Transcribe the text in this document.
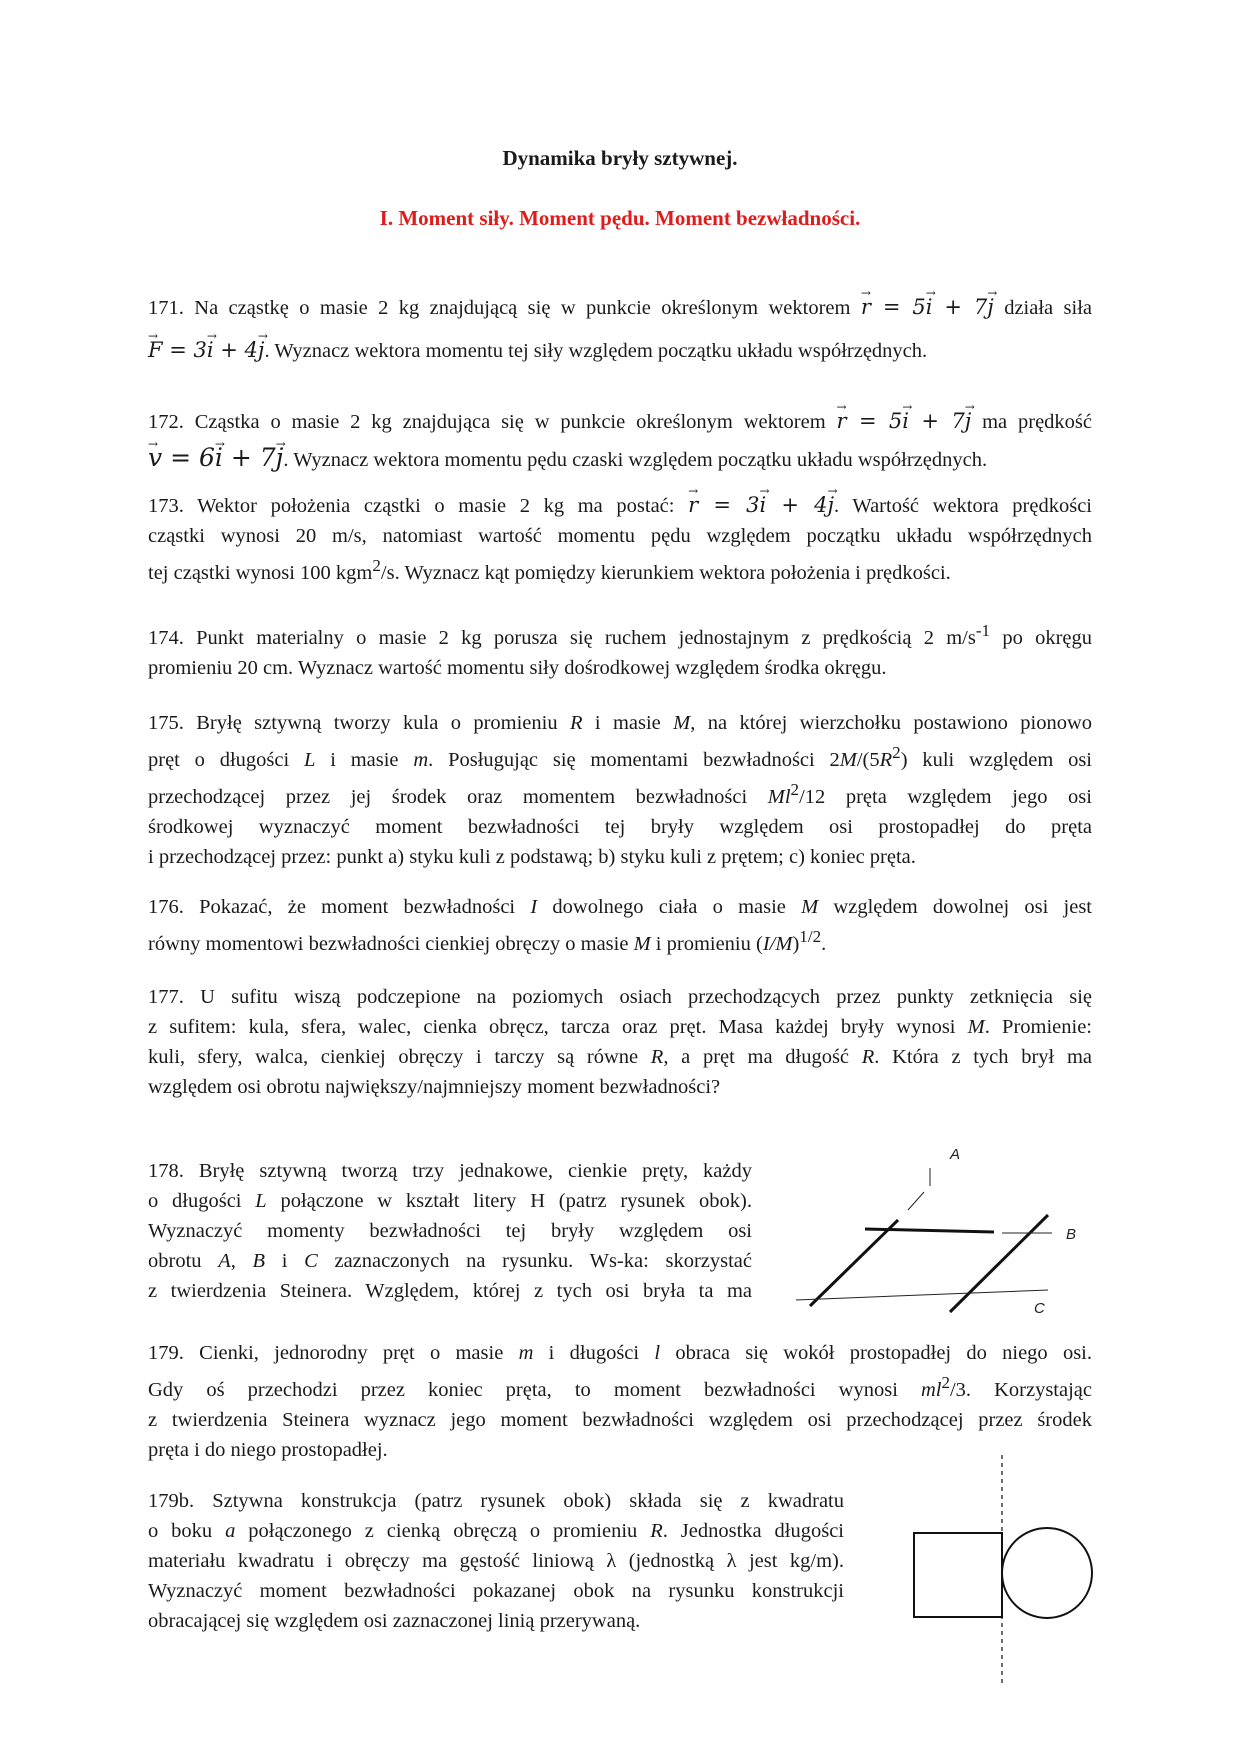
Dynamika bryły sztywnej.
I. Moment siły. Moment pędu. Moment bezwładności.
171. Na cząstkę o masie 2 kg znajdującą się w punkcie określonym wektorem → r = 5→ i + 7→ j działa siła
→ F = 3→ i + 4→ j. Wyznacz wektora momentu tej siły względem początku układu współrzędnych.
172. Cząstka o masie 2 kg znajdująca się w punkcie określonym wektorem → r = 5→ i + 7→ j ma prędkość
→ v = 6→ i + 7→ j. Wyznacz wektora momentu pędu czaski względem początku układu współrzędnych.
173. Wektor położenia cząstki o masie 2 kg ma postać: → r = 3→ i + 4→ j. Wartość wektora prędkości
cząstki wynosi 20 m/s, natomiast wartość momentu pędu względem początku układu współrzędnych
tej cząstki wynosi 100 kgm$^2$/s. Wyznacz kąt pomiędzy kierunkiem wektora położenia i prędkości.
174. Punkt materialny o masie 2 kg porusza się ruchem jednostajnym z prędkością 2 $m/s^{-1}$ po okręgu
promieniu 20 cm. Wyznacz wartość momentu siły dośrodkowej względem środka okręgu.
175. Bryłę sztywną tworzy kula o promieniu R i masie M, na której wierzchołku postawiono pionowo
pręt o długości L i masie m. Posługując się momentami bezwładności $2M/(5R^2)$ kuli względem osi
przechodzącej przez jej środek oraz momentem bezwładności Ml$^2$/12 pręta względem jego osi
środkowej wyznaczyć moment bezwładności tej bryły względem osi prostopadłej do pręta
i przechodzącej przez: punkt a) styku kuli z podstawą; b) styku kuli z prętem; c) koniec pręta.
176. Pokazać, że moment bezwładności I dowolnego ciała o masie M względem dowolnej osi jest
równy momentowi bezwładności cienkiej obręczy o masie M i promieniu $(I/M)^{1/2}$.
177. U sufitu wiszą podczepione na poziomych osiach przechodzących przez punkty zetknięcia się
z sufitem: kula, sfera, walec, cienka obręcz, tarcza oraz pręt. Masa każdej bryły wynosi M. Promienie:
kuli, sfery, walca, cienkiej obręczy i tarczy są równe R, a pręt ma długość R. Która z tych brył ma
względem osi obrotu największy/najmniejszy moment bezwładności?
178. Bryłę sztywną tworzą trzy jednakowe, cienkie pręty, każdy
o długości L połączone w kształt litery H (patrz rysunek obok).
Wyznaczyć momenty bezwładności tej bryły względem osi
obrotu A, B i C zaznaczonych na rysunku. Ws-ka: skorzystać
z twierdzenia Steinera. Względem, której z tych osi bryła ta ma
A
B
C
179. Cienki, jednorodny pręt o masie m i długości l obraca się wokół prostopadłej do niego osi.
Gdy oś przechodzi przez koniec pręta, to moment bezwładności wynosi $ml^2/3$. Korzystając
z twierdzenia Steinera wyznacz jego moment bezwładności względem osi przechodzącej przez środek
pręta i do niego prostopadłej.
179b. Sztywna konstrukcja (patrz rysunek obok) składa się z kwadratu
o boku a połączonego z cienką obręczą o promieniu R. Jednostka długości
materiału kwadratu i obręczy ma gęstość liniową λ (jednostką λ jest kg/m).
Wyznaczyć moment bezwładności pokazanej obok na rysunku konstrukcji
obracającej się względem osi zaznaczonej linią przerywaną.
